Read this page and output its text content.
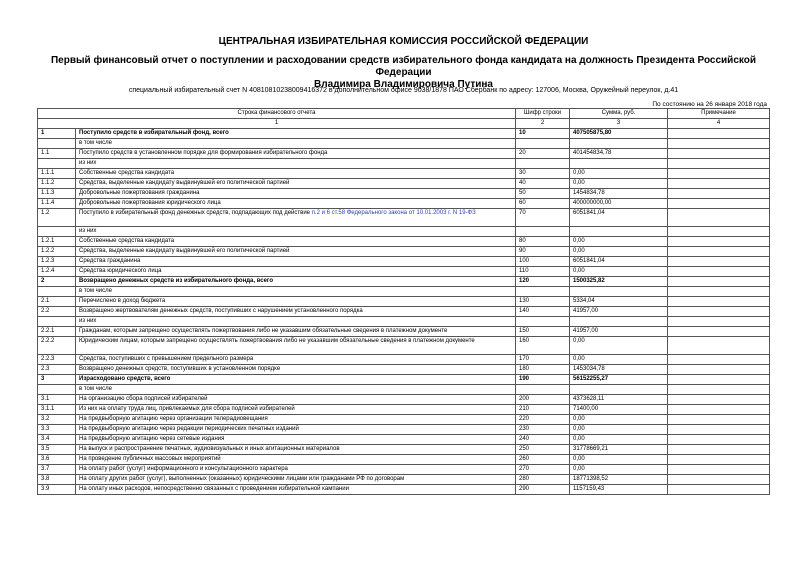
ЦЕНТРАЛЬНАЯ ИЗБИРАТЕЛЬНАЯ КОМИССИЯ РОССИЙСКОЙ ФЕДЕРАЦИИ
Первый финансовый отчет о поступлении и расходовании средств избирательного фонда кандидата на должность Президента Российской Федерации
Владимира Владимировича Путина
специальный избирательный счет N 40810810238009416372 в дополнительном офисе 9038/1878 ПАО Сбербанк по адресу: 127006, Москва, Оружейный переулок, д.41
По состоянию на 26 января 2018 года
Строка финансового отчета		Шифр строки	Сумма, руб.	Примечание
1		2	3	4
1	Поступило средств в избирательный фонд, всего	10	407505875,80	
	в том числе			
1.1	Поступило средств в установленном порядке для формирования избирательного фонда	20	401454834,78	
	из них			
1.1.1	Собственные средства кандидата	30	0,00	
1.1.2	Средства, выделенные кандидату выдвинувшей его политической партией	40	0,00	
1.1.3	Добровольные пожертвования гражданина	50	1454834,78	
1.1.4	Добровольные пожертвования юридического лица	60	400000000,00	
1.2	Поступило в избирательный фонд денежных средств, подпадающих под действие п.2 и 6 ст.58 Федерального закона от 10.01.2003 г. N 19-ФЗ	70	6051841,04	
	из них			
1.2.1	Собственные средства кандидата	80	0,00	
1.2.2	Средства, выделенные кандидату выдвинувшей его политической партией	90	0,00	
1.2.3	Средства гражданина	100	6051841,04	
1.2.4	Средства юридического лица	110	0,00	
2	Возвращено денежных средств из избирательного фонда, всего	120	1500325,82	
	в том числе			
2.1	Перечислено в доход бюджета	130	5334,04	
2.2	Возвращено жертвователям денежных средств, поступивших с нарушением установленного порядка	140	41957,00	
	из них			
2.2.1	Гражданам, которым запрещено осуществлять пожертвования либо не указавшим обязательные сведения в платежном документе	150	41957,00	
2.2.2	Юридическим лицам, которым запрещено осуществлять пожертвования либо не указавшим обязательные сведения в платежном документе	160	0,00	
2.2.3	Средства, поступивших с превышением предельного размера	170	0,00	
2.3	Возвращено денежных средств, поступивших в установленном порядке	180	1453034,78	
3	Израсходовано средств, всего	190	56152255,27	
	в том числе			
3.1	На организацию сбора подписей избирателей	200	4373628,11	
3.1.1	Из них на оплату труда лиц, привлекаемых для сбора подписей избирателей	210	71400,00	
3.2	На предвыборную агитацию через организации телерадиовещания	220	0,00	
3.3	На предвыборную агитацию через редакции периодических печатных изданий	230	0,00	
3.4	На предвыборную агитацию через сетевые издания	240	0,00	
3.5	На выпуск и распространение печатных, аудиовизуальных и иных агитационных материалов	250	31778669,21	
3.6	На проведение публичных массовых мероприятий	260	0,00	
3.7	На оплату работ (услуг) информационного и консультационного характера	270	0,00	
3.8	На оплату других работ (услуг), выполненных (оказанных) юридическими лицами или гражданами РФ по договорам	280	18771398,52	
3.9	На оплату иных расходов, непосредственно связанных с проведением избирательной кампании	290	1157159,43	
